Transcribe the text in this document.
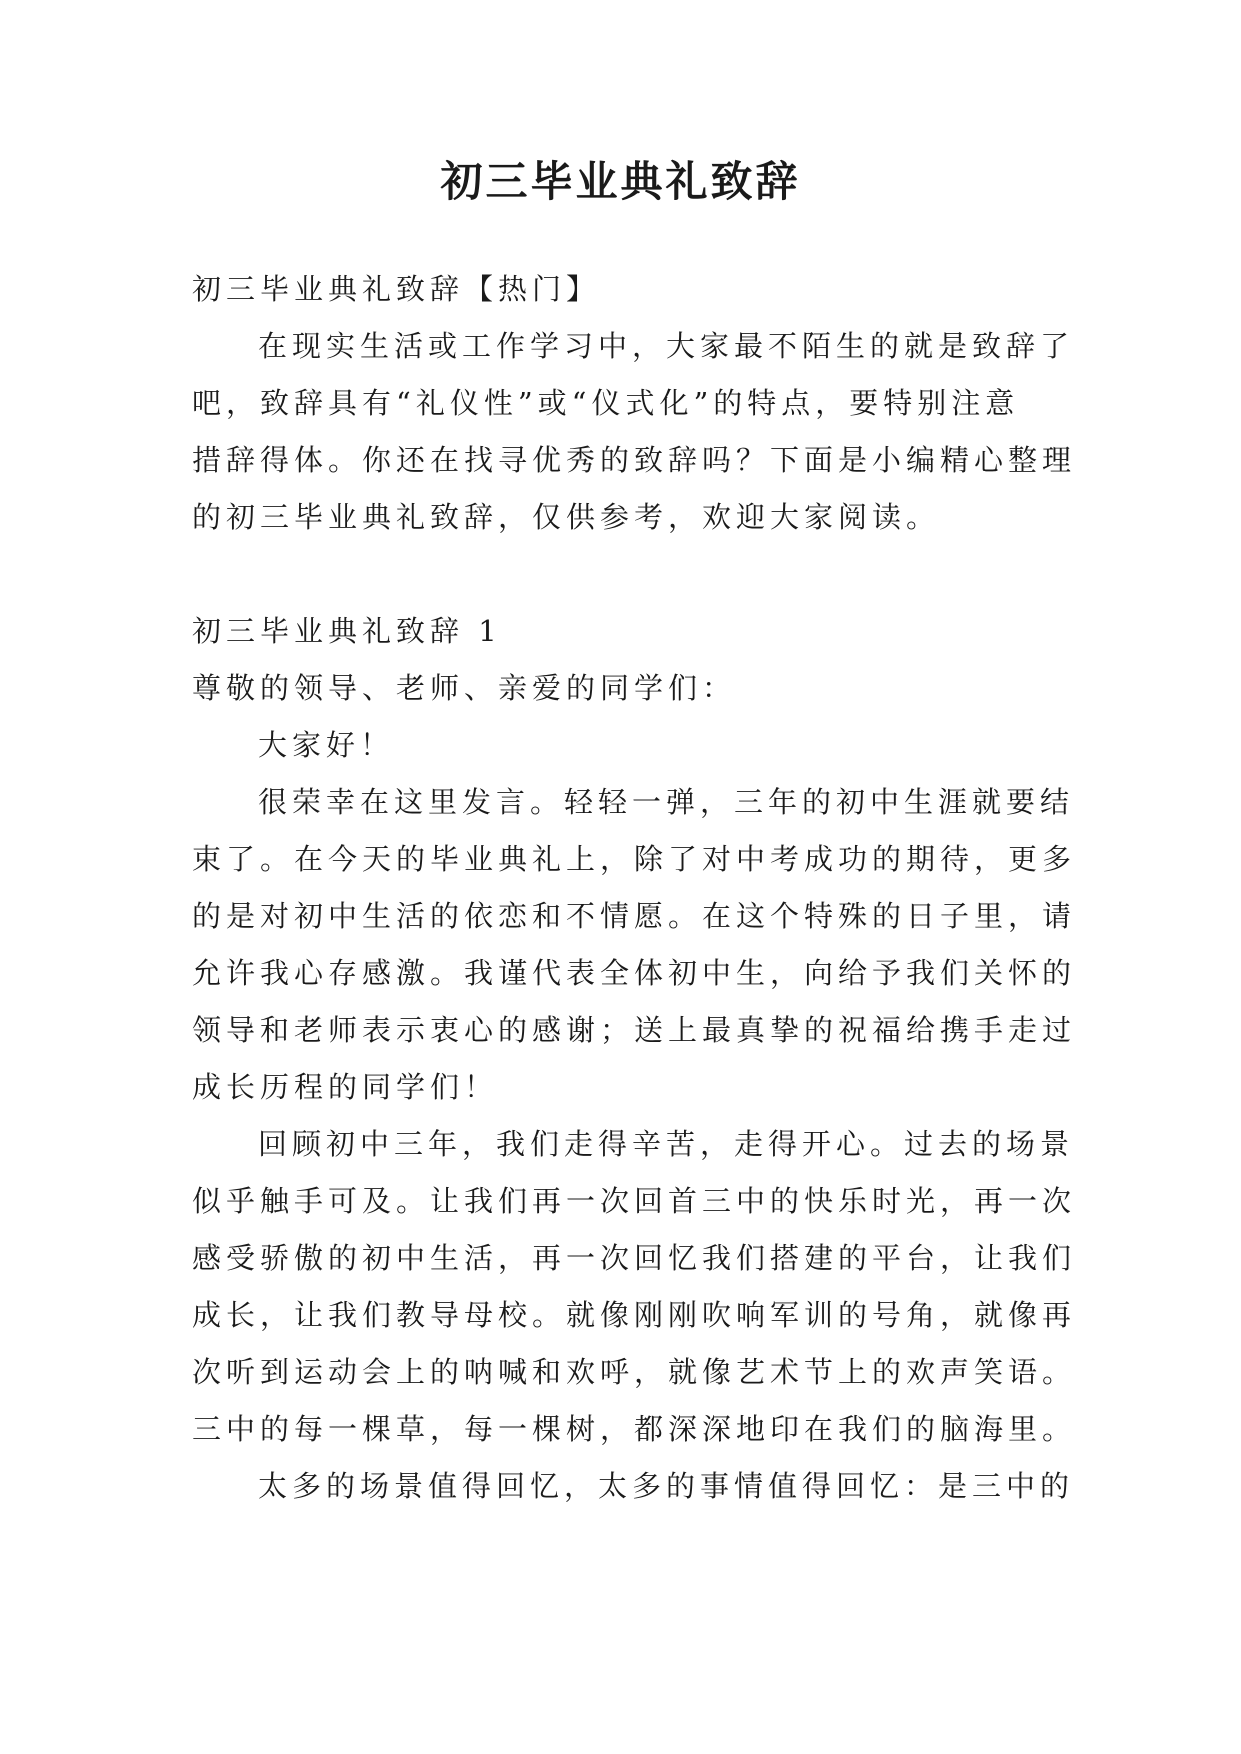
初三毕业典礼致辞
初三毕业典礼致辞【热门】
在现实生活或工作学习中，大家最不陌生的就是致辞了
吧，致辞具有“礼仪性”或“仪式化”的特点，要特别注意
措辞得体。你还在找寻优秀的致辞吗？下面是小编精心整理
的初三毕业典礼致辞，仅供参考，欢迎大家阅读。
初三毕业典礼致辞 1
尊敬的领导、老师、亲爱的同学们：
大家好！
很荣幸在这里发言。轻轻一弹，三年的初中生涯就要结
束了。在今天的毕业典礼上，除了对中考成功的期待，更多
的是对初中生活的依恋和不情愿。在这个特殊的日子里，请
允许我心存感激。我谨代表全体初中生，向给予我们关怀的
领导和老师表示衷心的感谢；送上最真挚的祝福给携手走过
成长历程的同学们！
回顾初中三年，我们走得辛苦，走得开心。过去的场景
似乎触手可及。让我们再一次回首三中的快乐时光，再一次
感受骄傲的初中生活，再一次回忆我们搭建的平台，让我们
成长，让我们教导母校。就像刚刚吹响军训的号角，就像再
次听到运动会上的呐喊和欢呼，就像艺术节上的欢声笑语。
三中的每一棵草，每一棵树，都深深地印在我们的脑海里。
太多的场景值得回忆，太多的事情值得回忆：是三中的
